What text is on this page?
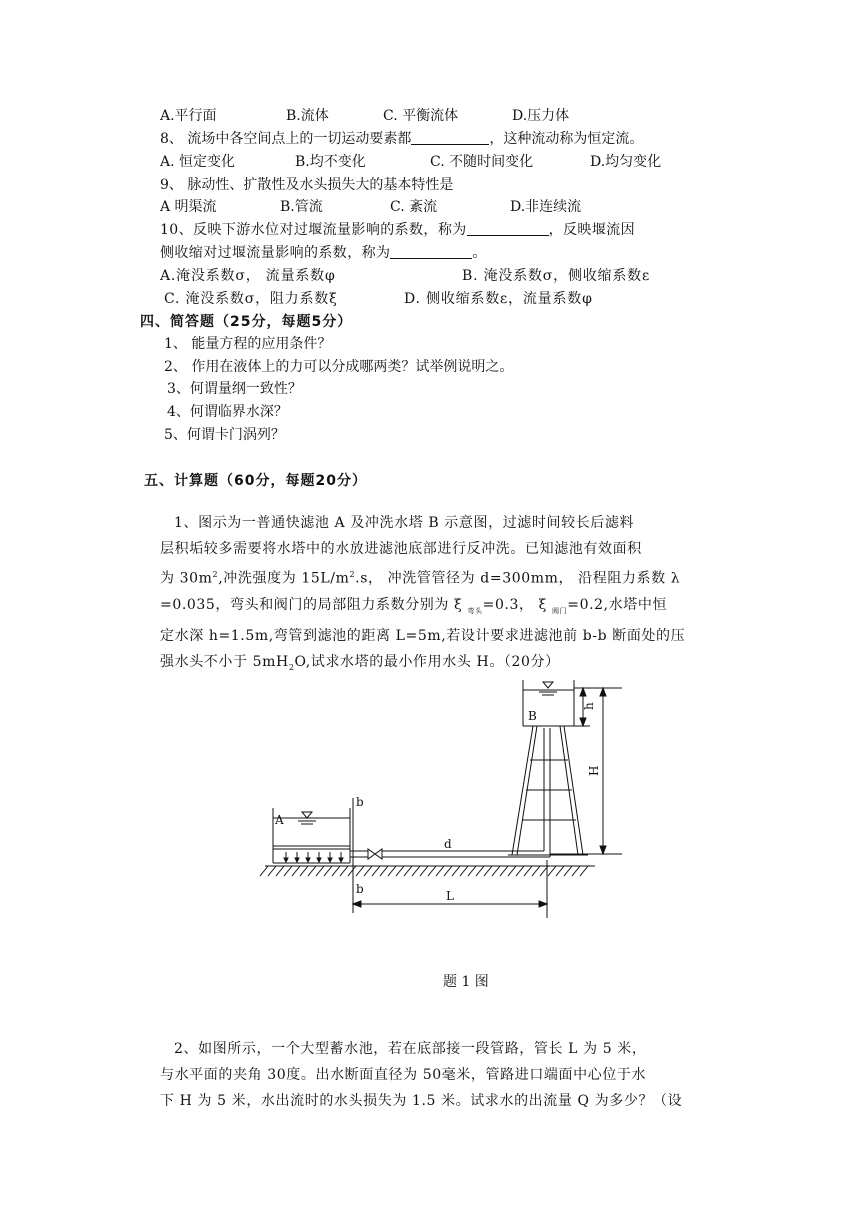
A.平行面	B.流体	C. 平衡流体	D.压力体
8、 流场中各空间点上的一切运动要素都	，这种流动称为恒定流。
A. 恒定变化	B.均不变化	C. 不随时间变化	D.均匀变化
9、 脉动性、扩散性及水头损失大的基本特性是
A 明渠流	B.管流	C. 紊流	D.非连续流
10、反映下游水位对过堰流量影响的系数，称为	，反映堰流因
侧收缩对过堰流量影响的系数，称为	。
A.淹没系数σ， 流量系数φ	B. 淹没系数σ，侧收缩系数ε
C. 淹没系数σ，阻力系数ξ	D. 侧收缩系数ε，流量系数φ
四、简答题（25分，每题5分）
1、 能量方程的应用条件？
2、 作用在液体上的力可以分成哪两类？试举例说明之。
3、何谓量纲一致性？
4、何谓临界水深？
5、何谓卡门涡列？
五、计算题（60分，每题20分）

1、图示为一普通快滤池 A 及冲洗水塔 B 示意图，过滤时间较长后滤料

层积垢较多需要将水塔中的水放进滤池底部进行反冲洗。已知滤池有效面积

为 $30m^2$,冲洗强度为 $15L/m^2.s$， 冲洗管管径为 d=300mm， 沿程阻力系数 λ

=0.035，弯头和阀门的局部阻力系数分别为 ξ $_{弯头}$=0.3， ξ $_{阀门}$=0.2,水塔中恒

定水深 h=1.5m,弯管到滤池的距离 L=5m,若设计要求进滤池前 b-b 断面处的压

强水头不小于 $5mH_2O$,试求水塔的最小作用水头 H。（20分）

A
b
b
d
L
B
h
H
题 1 图

2、如图所示，一个大型蓄水池，若在底部接一段管路，管长 L 为 5 米，

与水平面的夹角 30度。出水断面直径为 50毫米，管路进口端面中心位于水

下 H 为 5 米，水出流时的水头损失为 1.5 米。试求水的出流量 Q 为多少？（设
